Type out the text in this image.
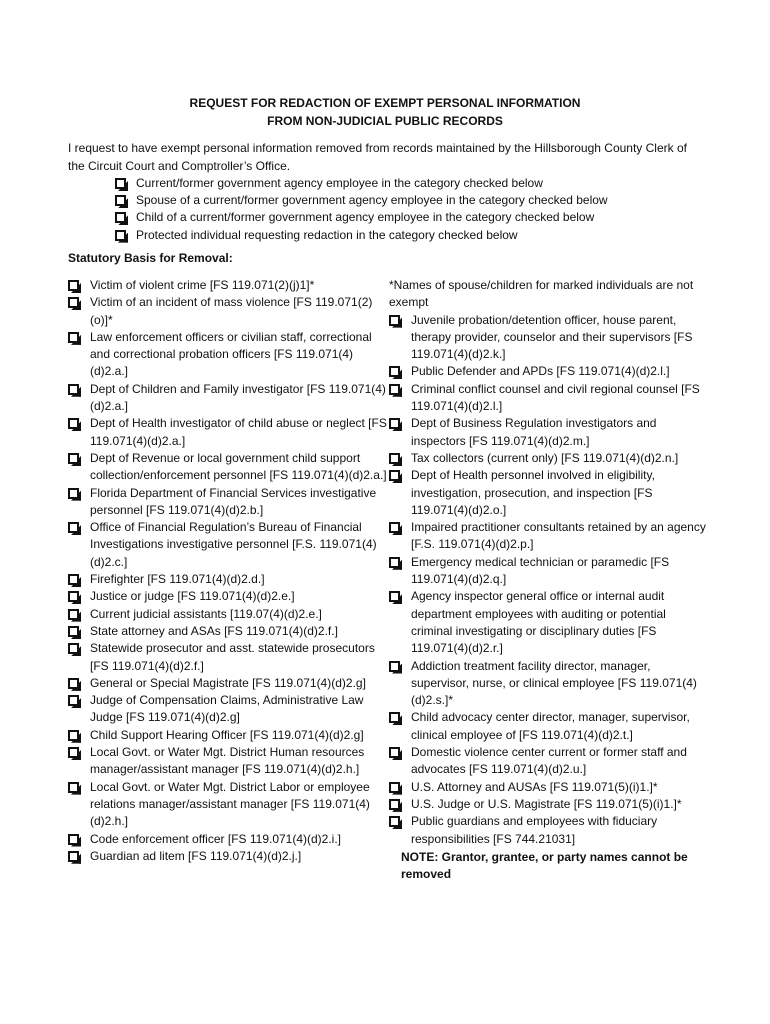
REQUEST FOR REDACTION OF EXEMPT PERSONAL INFORMATION
FROM NON-JUDICIAL PUBLIC RECORDS

I request to have exempt personal information removed from records maintained by the Hillsborough County Clerk of the Circuit Court and Comptroller’s Office.

Current/former government agency employee in the category checked below
Spouse of a current/former government agency employee in the category checked below
Child of a current/former government agency employee in the category checked below
Protected individual requesting redaction in the category checked below
Statutory Basis for Removal:
Victim of violent crime [FS 119.071(2)(j)1]*
Victim of an incident of mass violence [FS 119.071(2)(o)]*
Law enforcement officers or civilian staff, correctional and correctional probation officers [FS 119.071(4)(d)2.a.]
Dept of Children and Family investigator [FS 119.071(4)(d)2.a.]
Dept of Health investigator of child abuse or neglect [FS 119.071(4)(d)2.a.]
Dept of Revenue or local government child support collection/enforcement personnel [FS 119.071(4)(d)2.a.]
Florida Department of Financial Services investigative personnel [FS 119.071(4)(d)2.b.]
Office of Financial Regulation’s Bureau of Financial Investigations investigative personnel [F.S. 119.071(4)(d)2.c.]
Firefighter [FS 119.071(4)(d)2.d.]
Justice or judge [FS 119.071(4)(d)2.e.]
Current judicial assistants [119.07(4)(d)2.e.]
State attorney and ASAs [FS 119.071(4)(d)2.f.]
Statewide prosecutor and asst. statewide prosecutors [FS 119.071(4)(d)2.f.]
General or Special Magistrate [FS 119.071(4)(d)2.g]
Judge of Compensation Claims, Administrative Law Judge [FS 119.071(4)(d)2.g]
Child Support Hearing Officer [FS 119.071(4)(d)2.g]
Local Govt. or Water Mgt. District Human resources manager/assistant manager [FS 119.071(4)(d)2.h.]
Local Govt. or Water Mgt. District Labor or employee relations manager/assistant manager [FS 119.071(4)(d)2.h.]
Code enforcement officer [FS 119.071(4)(d)2.i.]
Guardian ad litem [FS 119.071(4)(d)2.j.]
*Names of spouse/children for marked individuals are not exempt
Juvenile probation/detention officer, house parent, therapy provider, counselor and their supervisors [FS 119.071(4)(d)2.k.]
Public Defender and APDs [FS 119.071(4)(d)2.l.]
Criminal conflict counsel and civil regional counsel [FS 119.071(4)(d)2.l.]
Dept of Business Regulation investigators and inspectors [FS 119.071(4)(d)2.m.]
Tax collectors (current only) [FS 119.071(4)(d)2.n.]
Dept of Health personnel involved in eligibility, investigation, prosecution, and inspection [FS 119.071(4)(d)2.o.]
Impaired practitioner consultants retained by an agency [F.S. 119.071(4)(d)2.p.]
Emergency medical technician or paramedic [FS 119.071(4)(d)2.q.]
Agency inspector general office or internal audit department employees with auditing or potential criminal investigating or disciplinary duties [FS 119.071(4)(d)2.r.]
Addiction treatment facility director, manager, supervisor, nurse, or clinical employee [FS 119.071(4)(d)2.s.]*
Child advocacy center director, manager, supervisor, clinical employee of [FS 119.071(4)(d)2.t.]
Domestic violence center current or former staff and advocates [FS 119.071(4)(d)2.u.]
U.S. Attorney and AUSAs [FS 119.071(5)(i)1.]*
U.S. Judge or U.S. Magistrate [FS 119.071(5)(i)1.]*
Public guardians and employees with fiduciary responsibilities [FS 744.21031]
NOTE: Grantor, grantee, or party names cannot be removed
